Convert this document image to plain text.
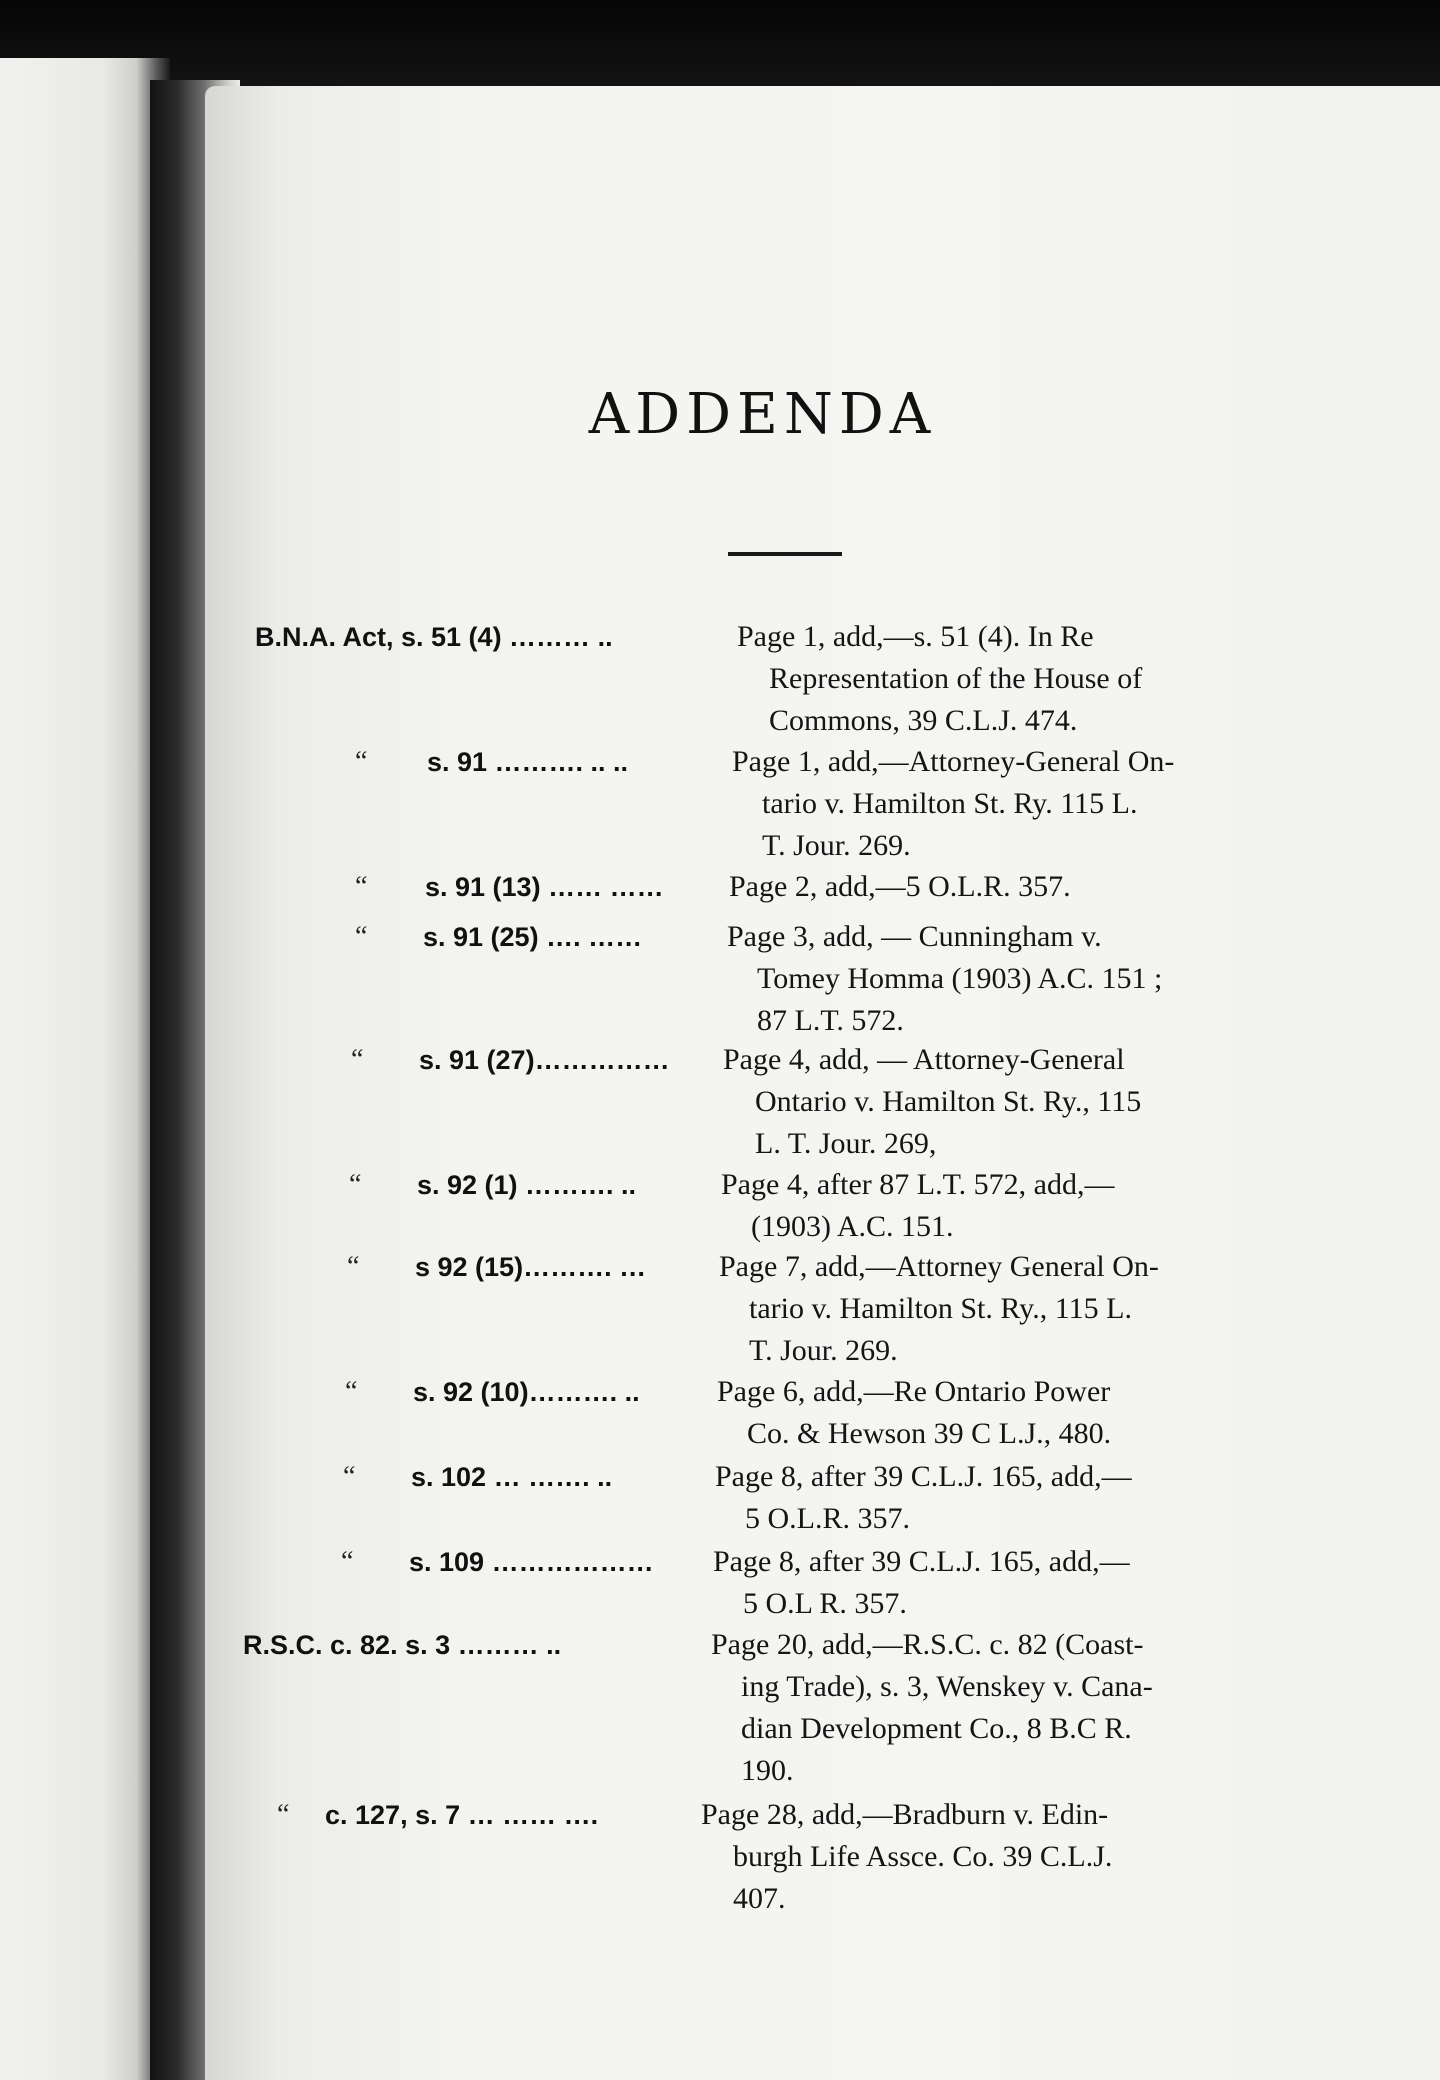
ADDENDA
B.N.A. Act, s. 51 (4) ……… ..	Page 1, add,—s. 51 (4). In Re
Representation of the House of
Commons, 39 C.L.J. 474.
“ s. 91 ………. .. ..	Page 1, add,—Attorney-General On-
tario v. Hamilton St. Ry. 115 L.
T. Jour. 269.
“ s. 91 (13) …… ……	Page 2, add,—5 O.L.R. 357.
“ s. 91 (25) …. ……	Page 3, add, — Cunningham v.
Tomey Homma (1903) A.C. 151 ;
87 L.T. 572.
“ s. 91 (27)……………	Page 4, add, — Attorney-General
Ontario v. Hamilton St. Ry., 115
L. T. Jour. 269,
“ s. 92 (1) ………. ..	Page 4, after 87 L.T. 572, add,—
(1903) A.C. 151.
“ s 92 (15)………. …	Page 7, add,—Attorney General On-
tario v. Hamilton St. Ry., 115 L.
T. Jour. 269.
“ s. 92 (10)………. ..	Page 6, add,—Re Ontario Power
Co. & Hewson 39 C L.J., 480.
“ s. 102 … ……. ..	Page 8, after 39 C.L.J. 165, add,—
5 O.L.R. 357.
“ s. 109 ………………	Page 8, after 39 C.L.J. 165, add,—
5 O.L R. 357.
R.S.C. c. 82. s. 3 ……… ..	Page 20, add,—R.S.C. c. 82 (Coast-
ing Trade), s. 3, Wenskey v. Cana-
dian Development Co., 8 B.C R.
190.
“ c. 127, s. 7 … …… ….	Page 28, add,—Bradburn v. Edin-
burgh Life Assce. Co. 39 C.L.J.
407.
